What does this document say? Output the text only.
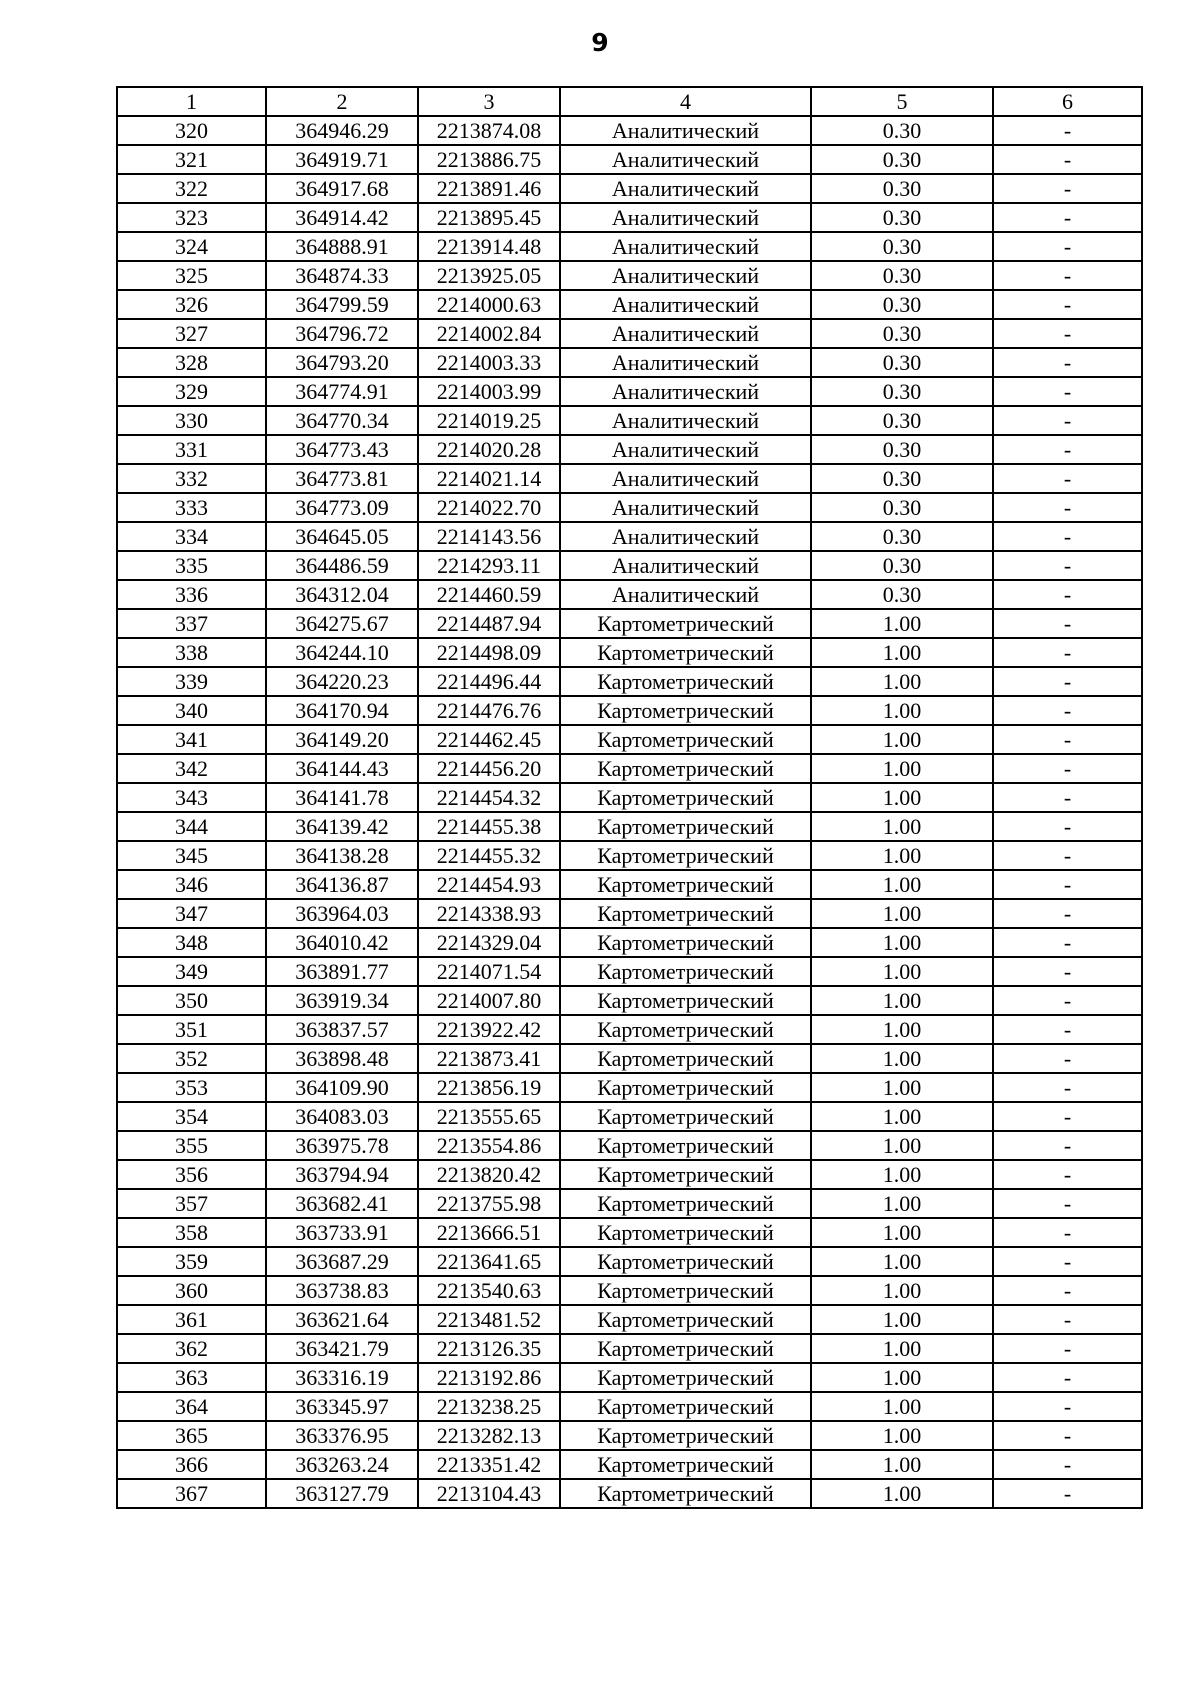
9
1	2	3	4	5	6
320	364946.29	2213874.08	Аналитический	0.30	-
321	364919.71	2213886.75	Аналитический	0.30	-
322	364917.68	2213891.46	Аналитический	0.30	-
323	364914.42	2213895.45	Аналитический	0.30	-
324	364888.91	2213914.48	Аналитический	0.30	-
325	364874.33	2213925.05	Аналитический	0.30	-
326	364799.59	2214000.63	Аналитический	0.30	-
327	364796.72	2214002.84	Аналитический	0.30	-
328	364793.20	2214003.33	Аналитический	0.30	-
329	364774.91	2214003.99	Аналитический	0.30	-
330	364770.34	2214019.25	Аналитический	0.30	-
331	364773.43	2214020.28	Аналитический	0.30	-
332	364773.81	2214021.14	Аналитический	0.30	-
333	364773.09	2214022.70	Аналитический	0.30	-
334	364645.05	2214143.56	Аналитический	0.30	-
335	364486.59	2214293.11	Аналитический	0.30	-
336	364312.04	2214460.59	Аналитический	0.30	-
337	364275.67	2214487.94	Картометрический	1.00	-
338	364244.10	2214498.09	Картометрический	1.00	-
339	364220.23	2214496.44	Картометрический	1.00	-
340	364170.94	2214476.76	Картометрический	1.00	-
341	364149.20	2214462.45	Картометрический	1.00	-
342	364144.43	2214456.20	Картометрический	1.00	-
343	364141.78	2214454.32	Картометрический	1.00	-
344	364139.42	2214455.38	Картометрический	1.00	-
345	364138.28	2214455.32	Картометрический	1.00	-
346	364136.87	2214454.93	Картометрический	1.00	-
347	363964.03	2214338.93	Картометрический	1.00	-
348	364010.42	2214329.04	Картометрический	1.00	-
349	363891.77	2214071.54	Картометрический	1.00	-
350	363919.34	2214007.80	Картометрический	1.00	-
351	363837.57	2213922.42	Картометрический	1.00	-
352	363898.48	2213873.41	Картометрический	1.00	-
353	364109.90	2213856.19	Картометрический	1.00	-
354	364083.03	2213555.65	Картометрический	1.00	-
355	363975.78	2213554.86	Картометрический	1.00	-
356	363794.94	2213820.42	Картометрический	1.00	-
357	363682.41	2213755.98	Картометрический	1.00	-
358	363733.91	2213666.51	Картометрический	1.00	-
359	363687.29	2213641.65	Картометрический	1.00	-
360	363738.83	2213540.63	Картометрический	1.00	-
361	363621.64	2213481.52	Картометрический	1.00	-
362	363421.79	2213126.35	Картометрический	1.00	-
363	363316.19	2213192.86	Картометрический	1.00	-
364	363345.97	2213238.25	Картометрический	1.00	-
365	363376.95	2213282.13	Картометрический	1.00	-
366	363263.24	2213351.42	Картометрический	1.00	-
367	363127.79	2213104.43	Картометрический	1.00	-
